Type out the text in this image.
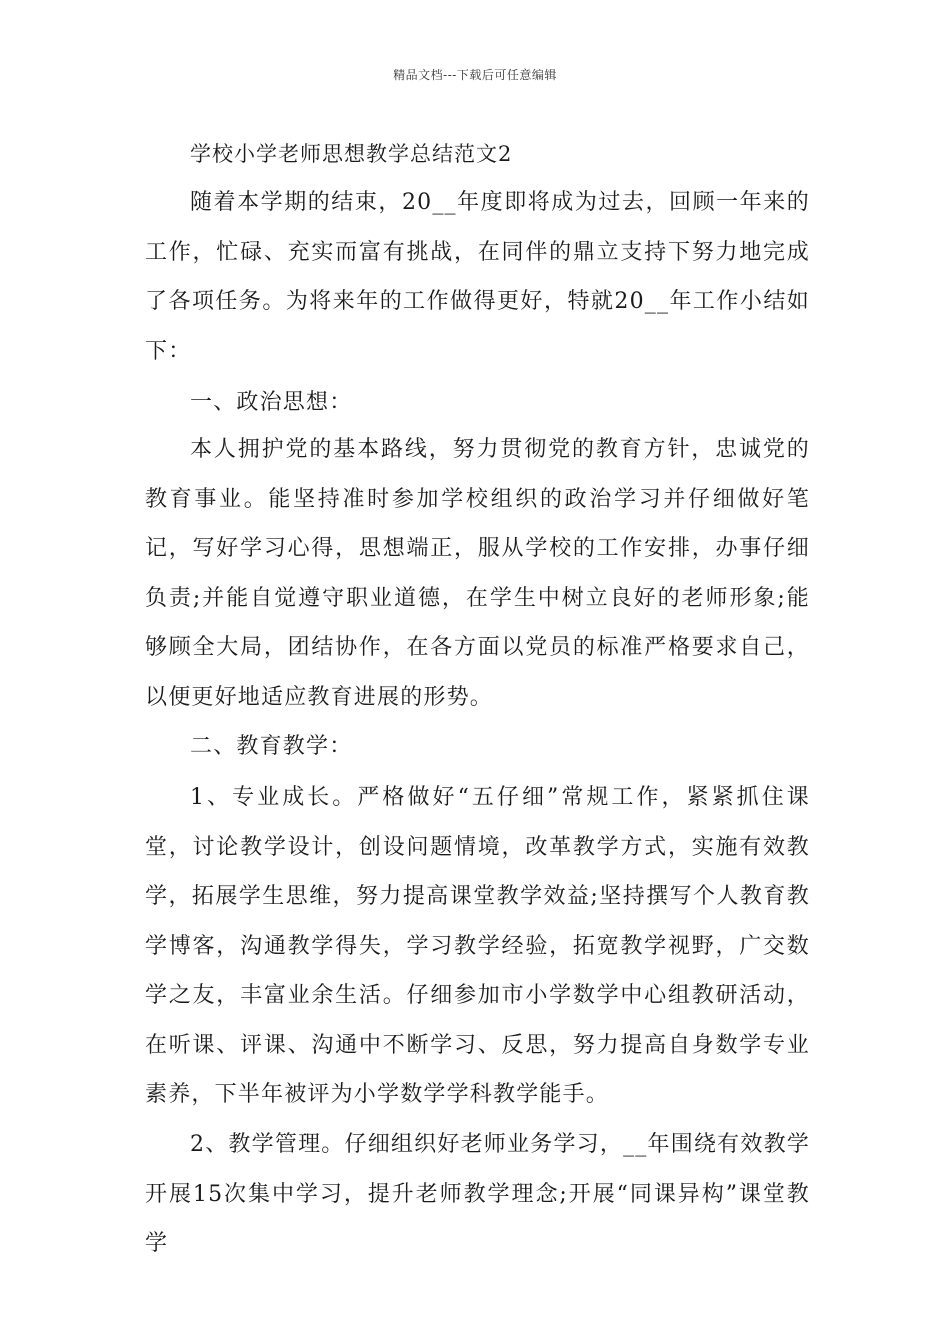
精品文档---下载后可任意编辑
学校小学老师思想教学总结范文2

随着本学期的结束，20__年度即将成为过去，回顾一年来的工作，忙碌、充实而富有挑战，在同伴的鼎立支持下努力地完成了各项任务。为将来年的工作做得更好，特就20__年工作小结如下：

一、政治思想：

本人拥护党的基本路线，努力贯彻党的教育方针，忠诚党的教育事业。能坚持准时参加学校组织的政治学习并仔细做好笔记，写好学习心得，思想端正，服从学校的工作安排，办事仔细负责;并能自觉遵守职业道德，在学生中树立良好的老师形象;能够顾全大局，团结协作，在各方面以党员的标准严格要求自己，以便更好地适应教育进展的形势。

二、教育教学：

1、专业成长。严格做好“五仔细”常规工作，紧紧抓住课堂，讨论教学设计，创设问题情境，改革教学方式，实施有效教学，拓展学生思维，努力提高课堂教学效益;坚持撰写个人教育教学博客，沟通教学得失，学习教学经验，拓宽教学视野，广交数学之友，丰富业余生活。仔细参加市小学数学中心组教研活动，在听课、评课、沟通中不断学习、反思，努力提高自身数学专业素养，下半年被评为小学数学学科教学能手。

2、教学管理。仔细组织好老师业务学习，__年围绕有效教学开展15次集中学习，提升老师教学理念;开展“同课异构”课堂教学
